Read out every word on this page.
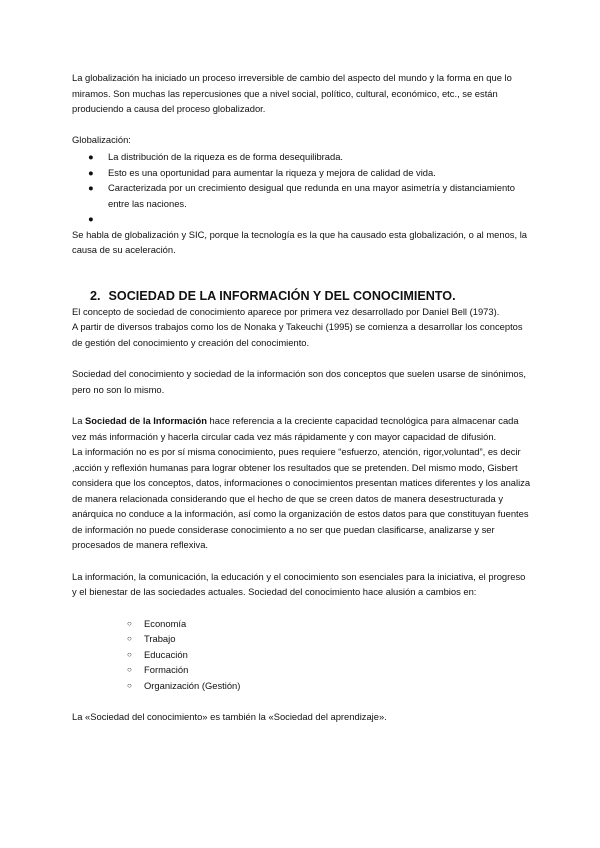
La globalización ha iniciado un proceso irreversible de cambio del aspecto del mundo y la forma en que lo miramos. Son muchas las repercusiones que a nivel social, político, cultural, económico, etc., se están produciendo a causa del proceso globalizador.

Globalización:

● La distribución de la riqueza es de forma desequilibrada.
● Esto es una oportunidad para aumentar la riqueza y mejora de calidad de vida.
● Caracterizada por un crecimiento desigual que redunda en una mayor asimetría y distanciamiento entre las naciones.
●

Se habla de globalización y SIC, porque la tecnología es la que ha causado esta globalización, o al menos, la causa de su aceleración.

2. SOCIEDAD DE LA INFORMACIÓN Y DEL CONOCIMIENTO.

El concepto de sociedad de conocimiento aparece por primera vez desarrollado por Daniel Bell (1973).

A partir de diversos trabajos como los de Nonaka y Takeuchi (1995) se comienza a desarrollar los conceptos de gestión del conocimiento y creación del conocimiento.

Sociedad del conocimiento y sociedad de la información son dos conceptos que suelen usarse de sinónimos, pero no son lo mismo.

La Sociedad de la Información hace referencia a la creciente capacidad tecnológica para almacenar cada vez más información y hacerla circular cada vez más rápidamente y con mayor capacidad de difusión.

La información no es por sí misma conocimiento, pues requiere “esfuerzo, atención, rigor,voluntad”, es decir ,acción y reflexión humanas para lograr obtener los resultados que se pretenden. Del mismo modo, Gisbert considera que los conceptos, datos, informaciones o conocimientos presentan matices diferentes y los analiza de manera relacionada considerando que el hecho de que se creen datos de manera desestructurada y anárquica no conduce a la información, así como la organización de estos datos para que constituyan fuentes de información no puede considerase conocimiento a no ser que puedan clasificarse, analizarse y ser procesados de manera reflexiva.

La información, la comunicación, la educación y el conocimiento son esenciales para la iniciativa, el progreso y el bienestar de las sociedades actuales. Sociedad del conocimiento hace alusión a cambios en:

○ Economía
○ Trabajo
○ Educación
○ Formación
○ Organización (Gestión)

La «Sociedad del conocimiento» es también la «Sociedad del aprendizaje».
